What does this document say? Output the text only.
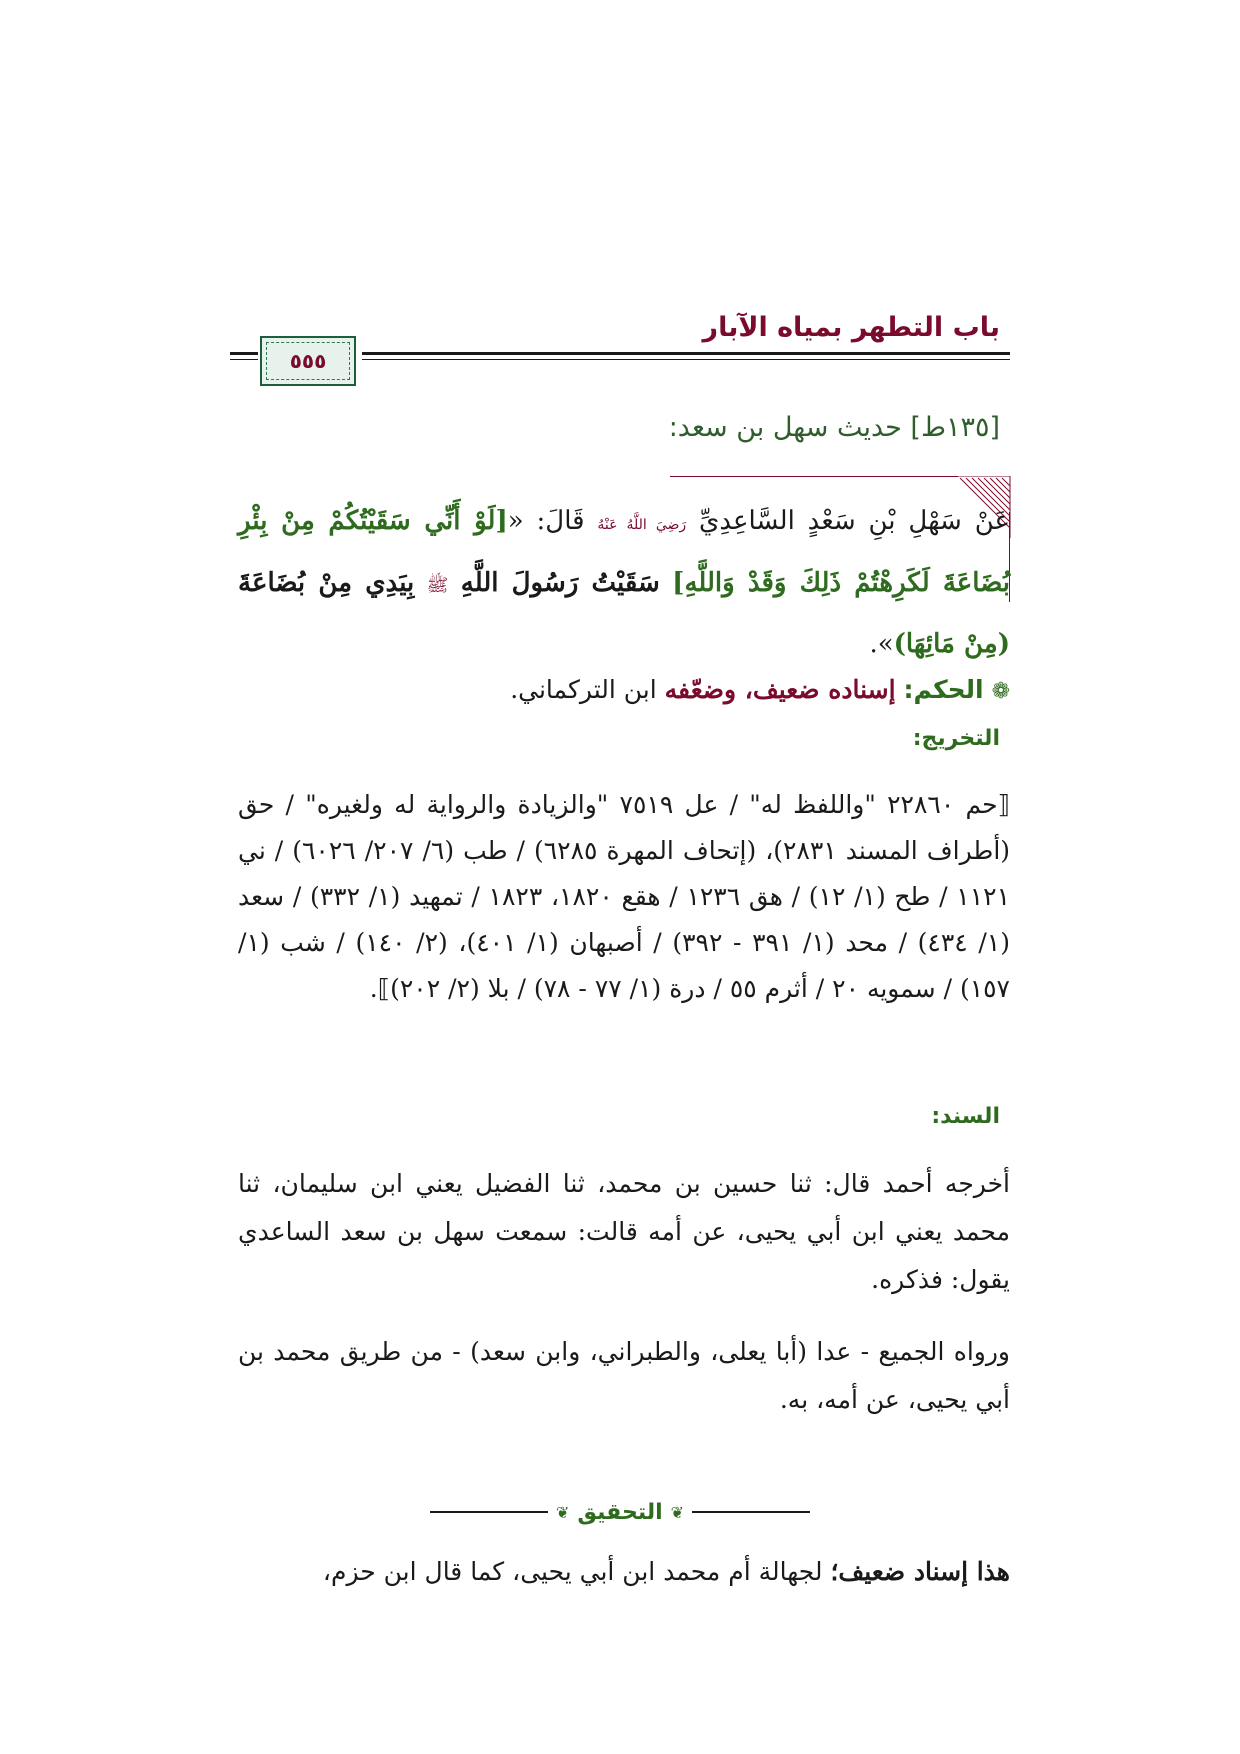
باب التطهر بمياه الآبار
٥٥٥
[١٣٥ط] حديث سهل بن سعد:
عَنْ سَهْلِ بْنِ سَعْدٍ السَّاعِدِيِّ رَضِيَ اللَّهُ عَنْهُ قَالَ: «[لَوْ أَنِّي سَقَيْتُكُمْ مِنْ بِئْرِ بُضَاعَةَ لَكَرِهْتُمْ ذَلِكَ وَقَدْ وَاللَّهِ] سَقَيْتُ رَسُولَ اللَّهِ ﷺ بِيَدِي مِنْ بُضَاعَةَ (مِنْ مَائِهَا)».
❁ الحكم: إسناده ضعيف، وضعّفه ابن التركماني.
التخريج:
⟦حم ٢٢٨٦٠ "واللفظ له" / عل ٧٥١٩ "والزيادة والرواية له ولغيره" / حق (أطراف المسند ٢٨٣١)، (إتحاف المهرة ٦٢٨٥) / طب (٦/ ٢٠٧/ ٦٠٢٦) / ني ١١٢١ / طح (١/ ١٢) / هق ١٢٣٦ / هقع ١٨٢٠، ١٨٢٣ / تمهيد (١/ ٣٣٢) / سعد (١/ ٤٣٤) / محد (١/ ٣٩١ - ٣٩٢) / أصبهان (١/ ٤٠١)، (٢/ ١٤٠) / شب (١/ ١٥٧) / سمويه ٢٠ / أثرم ٥٥ / درة (١/ ٧٧ - ٧٨) / بلا (٢/ ٢٠٢)⟧.
السند:
أخرجه أحمد قال: ثنا حسين بن محمد، ثنا الفضيل يعني ابن سليمان، ثنا محمد يعني ابن أبي يحيى، عن أمه قالت: سمعت سهل بن سعد الساعدي يقول: فذكره.
ورواه الجميع - عدا (أبا يعلى، والطبراني، وابن سعد) - من طريق محمد بن أبي يحيى، عن أمه، به.
❦
التحقيق
❦
هذا إسناد ضعيف؛ لجهالة أم محمد ابن أبي يحيى، كما قال ابن حزم،
